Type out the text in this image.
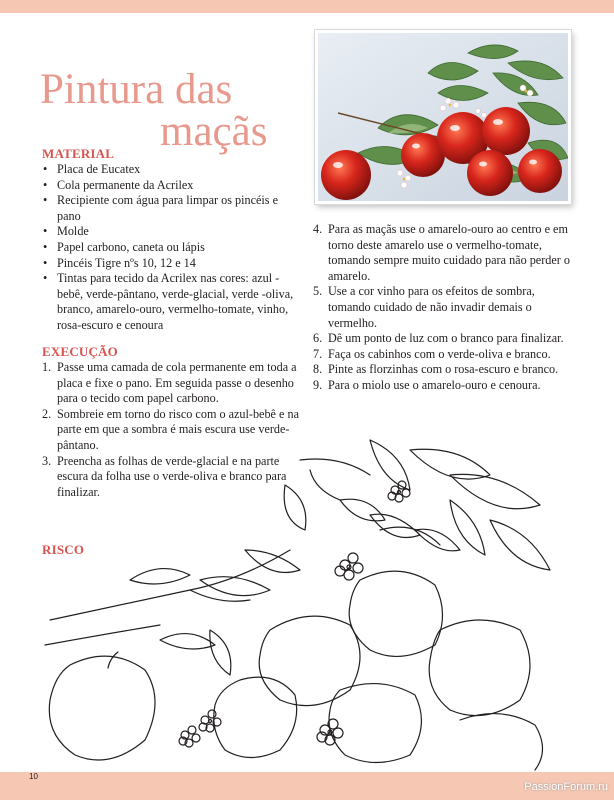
Pintura das
maçãs
MATERIAL
• Placa de Eucatex
• Cola permanente da Acrilex
• Recipiente com água para limpar os pincéis e pano
• Molde
• Papel carbono, caneta ou lápis
• Pincéis Tigre nºs 10, 12 e 14
• Tintas para tecido da Acrilex nas cores: azul -bebê, verde-pântano, verde-glacial, verde -oliva, branco, amarelo-ouro, vermelho-tomate, vinho, rosa-escuro e cenoura
EXECUÇÃO
1. Passe uma camada de cola permanente em toda a placa e fixe o pano. Em seguida passe o desenho para o tecido com papel carbono.
2. Sombreie em torno do risco com o azul-bebê e na parte em que a sombra é mais escura use verde-pântano.
3. Preencha as folhas de verde-glacial e na parte escura da folha use o verde-oliva e branco para finalizar.
4. Para as maçãs use o amarelo-ouro ao centro e em torno deste amarelo use o vermelho-tomate, tomando sempre muito cuidado para não perder o amarelo.
5. Use a cor vinho para os efeitos de sombra, tomando cuidado de não invadir demais o vermelho.
6. Dê um ponto de luz com o branco para finalizar.
7. Faça os cabinhos com o verde-oliva e branco.
8. Pinte as florzinhas com o rosa-escuro e branco.
9. Para o miolo use o amarelo-ouro e cenoura.
RISCO
10
PassionForum.ru
